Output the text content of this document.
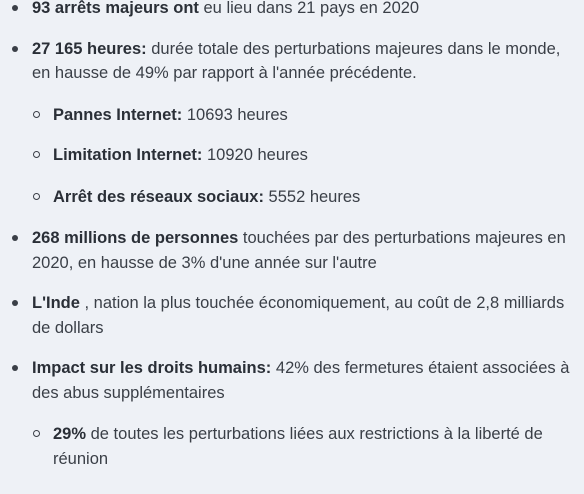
93 arrêts majeurs ont eu lieu dans 21 pays en 2020
27 165 heures: durée totale des perturbations majeures dans le monde, en hausse de 49% par rapport à l'année précédente.
Pannes Internet: 10693 heures
Limitation Internet: 10920 heures
Arrêt des réseaux sociaux: 5552 heures
268 millions de personnes touchées par des perturbations majeures en 2020, en hausse de 3% d'une année sur l'autre
L'Inde , nation la plus touchée économiquement, au coût de 2,8 milliards de dollars
Impact sur les droits humains: 42% des fermetures étaient associées à des abus supplémentaires
29% de toutes les perturbations liées aux restrictions à la liberté de réunion
